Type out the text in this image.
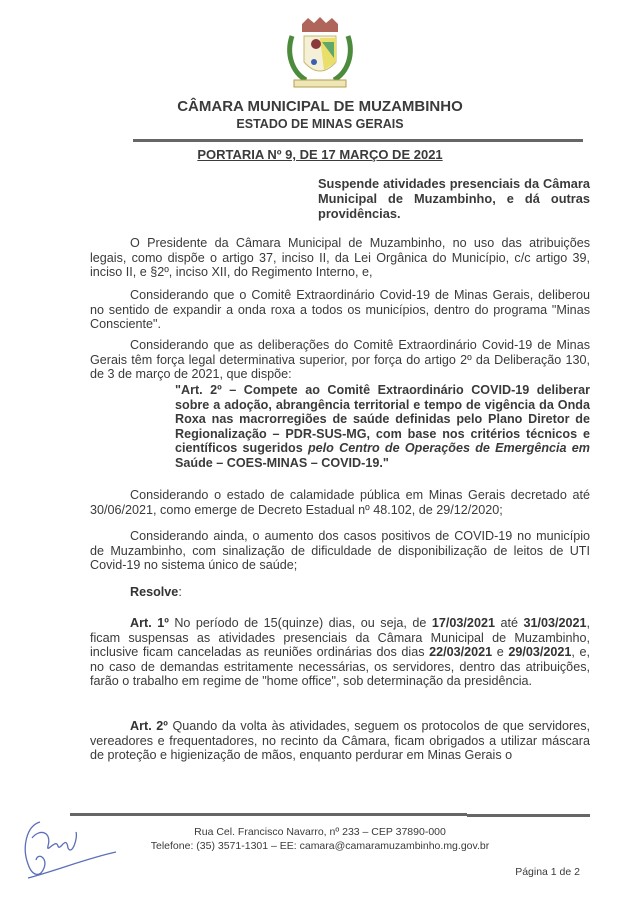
CÂMARA MUNICIPAL DE MUZAMBINHO
ESTADO DE MINAS GERAIS
PORTARIA Nº 9, DE 17 MARÇO DE 2021
Suspende atividades presenciais da Câmara Municipal de Muzambinho, e dá outras providências.
O Presidente da Câmara Municipal de Muzambinho, no uso das atribuições legais, como dispõe o artigo 37, inciso II, da Lei Orgânica do Município, c/c artigo 39, inciso II, e §2º, inciso XII, do Regimento Interno, e,
Considerando que o Comitê Extraordinário Covid-19 de Minas Gerais, deliberou no sentido de expandir a onda roxa a todos os municípios, dentro do programa "Minas Consciente".
Considerando que as deliberações do Comitê Extraordinário Covid-19 de Minas Gerais têm força legal determinativa superior, por força do artigo 2º da Deliberação 130, de 3 de março de 2021, que dispõe:
"Art. 2º – Compete ao Comitê Extraordinário COVID-19 deliberar sobre a adoção, abrangência territorial e tempo de vigência da Onda Roxa nas macrorregiões de saúde definidas pelo Plano Diretor de Regionalização – PDR-SUS-MG, com base nos critérios técnicos e científicos sugeridos pelo Centro de Operações de Emergência em Saúde – COES-MINAS – COVID-19."
Considerando o estado de calamidade pública em Minas Gerais decretado até 30/06/2021, como emerge de Decreto Estadual nº 48.102, de 29/12/2020;
Considerando ainda, o aumento dos casos positivos de COVID-19 no município de Muzambinho, com sinalização de dificuldade de disponibilização de leitos de UTI Covid-19 no sistema único de saúde;
Resolve:
Art. 1º No período de 15(quinze) dias, ou seja, de 17/03/2021 até 31/03/2021, ficam suspensas as atividades presenciais da Câmara Municipal de Muzambinho, inclusive ficam canceladas as reuniões ordinárias dos dias 22/03/2021 e 29/03/2021, e, no caso de demandas estritamente necessárias, os servidores, dentro das atribuições, farão o trabalho em regime de "home office", sob determinação da presidência.
Art. 2º Quando da volta às atividades, seguem os protocolos de que servidores, vereadores e frequentadores, no recinto da Câmara, ficam obrigados a utilizar máscara de proteção e higienização de mãos, enquanto perdurar em Minas Gerais o
Rua Cel. Francisco Navarro, nº 233 – CEP 37890-000
Telefone: (35) 3571-1301 – EE: camara@camaramuzambinho.mg.gov.br
Página 1 de 2
